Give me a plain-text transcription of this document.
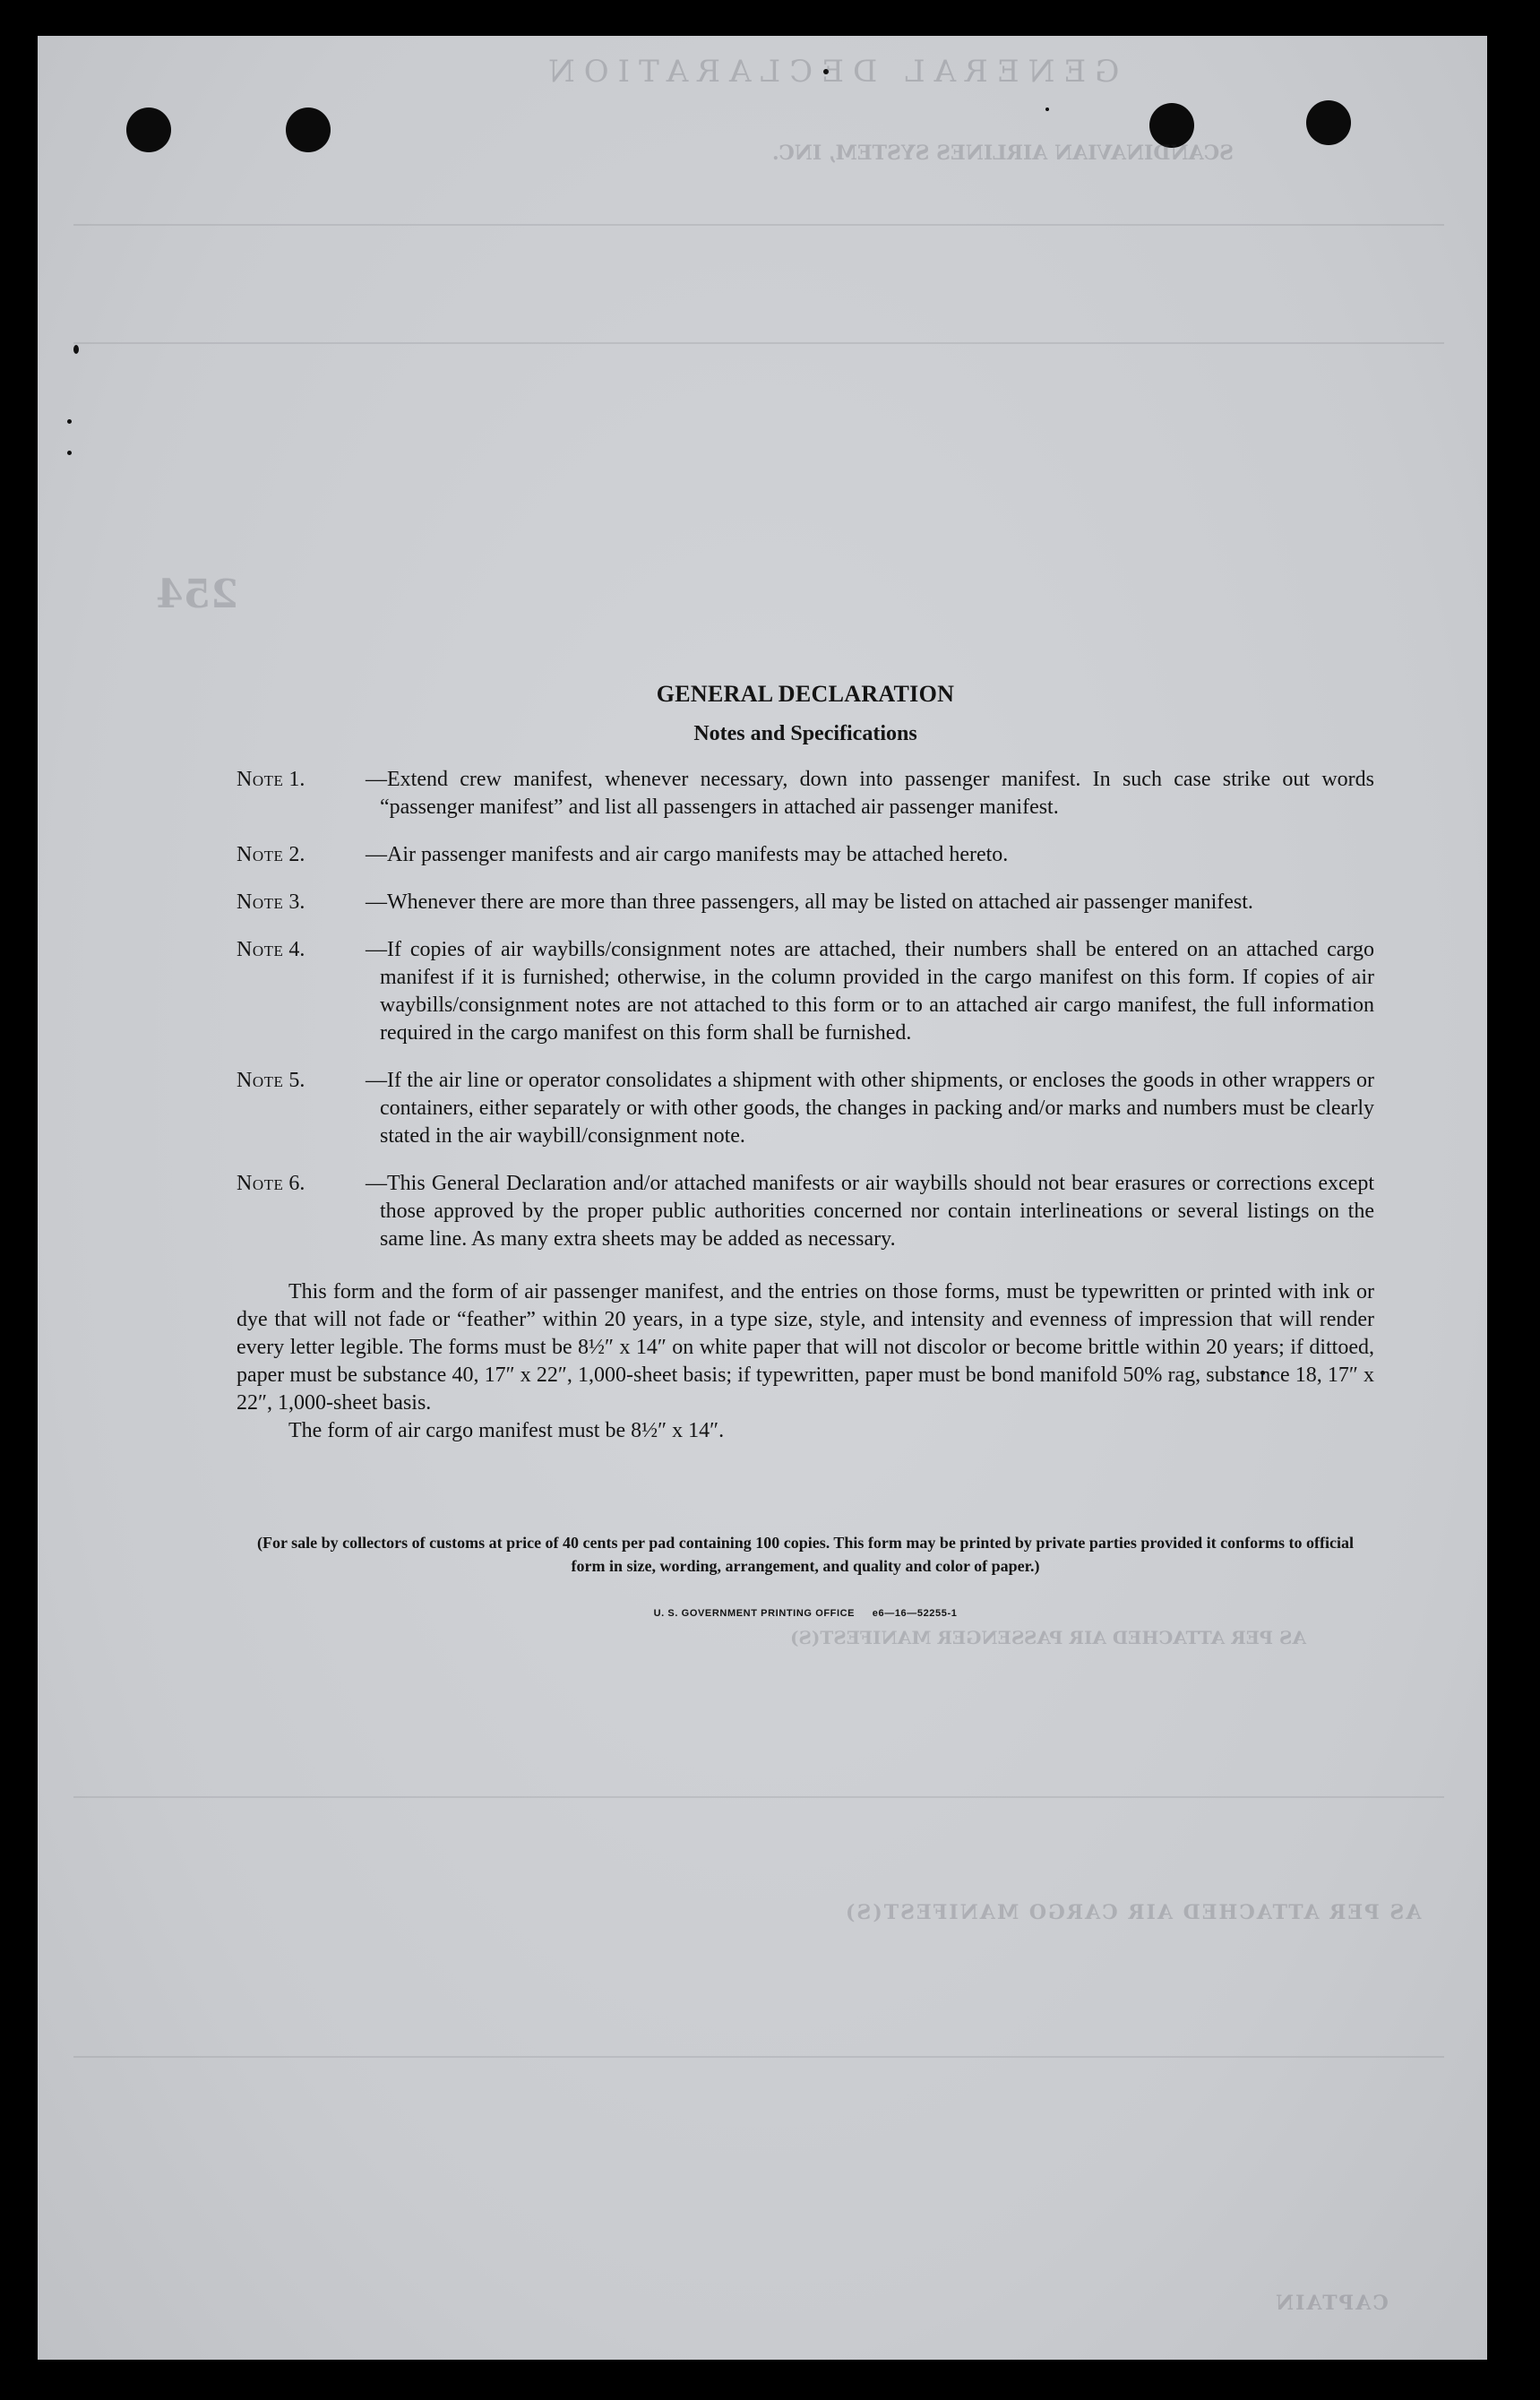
GENERAL DECLARATION
SCANDINAVIAN AIRLINES SYSTEM, INC.
254
AS PER ATTACHED AIR PASSENGER MANIFEST(S)
AS PER ATTACHED AIR CARGO MANIFEST(S)
CAPTAIN
GENERAL DECLARATION
Notes and Specifications
Note 1.	—Extend crew manifest, whenever necessary, down into passenger manifest. In such case strike out words “passenger manifest” and list all passengers in attached air passenger manifest.
Note 2.	—Air passenger manifests and air cargo manifests may be attached hereto.
Note 3.	—Whenever there are more than three passengers, all may be listed on attached air passenger manifest.
Note 4.	—If copies of air waybills/consignment notes are attached, their numbers shall be entered on an attached cargo manifest if it is furnished; otherwise, in the column provided in the cargo manifest on this form. If copies of air waybills/consignment notes are not attached to this form or to an attached air cargo manifest, the full information required in the cargo manifest on this form shall be furnished.
Note 5.	—If the air line or operator consolidates a shipment with other shipments, or encloses the goods in other wrappers or containers, either separately or with other goods, the changes in packing and/or marks and numbers must be clearly stated in the air waybill/consignment note.
Note 6.	—This General Declaration and/or attached manifests or air waybills should not bear erasures or corrections except those approved by the proper public authorities concerned nor contain interlineations or several listings on the same line. As many extra sheets may be added as necessary.

This form and the form of air passenger manifest, and the entries on those forms, must be typewritten or printed with ink or dye that will not fade or “feather” within 20 years, in a type size, style, and intensity and evenness of impression that will render every letter legible. The forms must be 8½″ x 14″ on white paper that will not discolor or become brittle within 20 years; if dittoed, paper must be substance 40, 17″ x 22″, 1,000-sheet basis; if typewritten, paper must be bond manifold 50% rag, substance 18, 17″ x 22″, 1,000-sheet basis.

The form of air cargo manifest must be 8½″ x 14″.

(For sale by collectors of customs at price of 40 cents per pad containing 100 copies. This form may be printed by private parties provided it conforms to official form in size, wording, arrangement, and quality and color of paper.)
U. S. GOVERNMENT PRINTING OFFICE e6—16—52255-1
